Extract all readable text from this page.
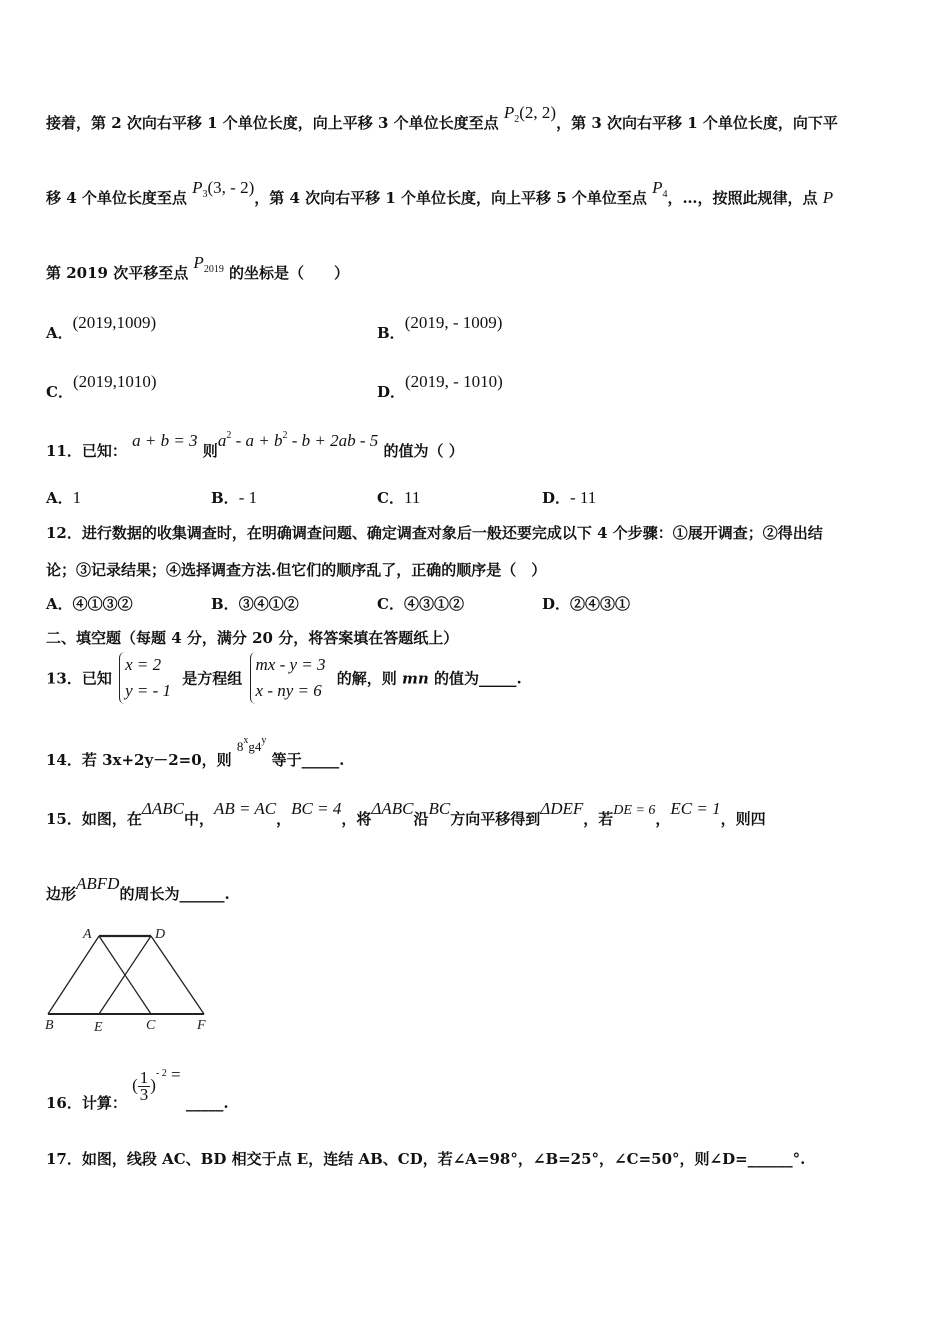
接着，第 2 次向右平移 1 个单位长度，向上平移 3 个单位长度至点 $P_2(2$, 2)，第 3 次向右平移 1 个单位长度，向下平
移 4 个单位长度至点 $P_3(3$, - 2)，第 4 次向右平移 1 个单位长度，向上平移 5 个单位至点 $P_4$，…，按照此规律，点 P
第 2019 次平移至点 $P_{2019}$ 的坐标是（　　）
A．(2019,1009)
B．(2019, - 1009)
C．(2019,1010)
D．(2019, - 1010)
11．已知： a + b = 3 则$a^2 - a + b^2 - b + 2ab - 5$ 的值为（ ）
A．1	B．- 1	C．11	D．- 11
12．进行数据的收集调查时，在明确调查问题、确定调查对象后一般还要完成以下 4 个步骤：①展开调查；②得出结
论；③记录结果；④选择调查方法.但它们的顺序乱了，正确的顺序是（　）
A．④①③②	B．③④①②	C．④③①②	D．②④③①
二、填空题（每题 4 分，满分 20 分，将答案填在答题纸上）
13．已知 x = 2
y = - 1 是方程组 mx - y = 3
x - ny = 6 的解，则 mn 的值为_____.
14．若 3x+2y－2=0，则 8$^x$g4$^y$ 等于_____.
15．如图，在ΔABC中，AB = AC，BC = 4，将ΔABC沿BC方向平移得到ΔDEF，若DE = 6，EC = 1，则四
边形ABFD的周长为______.
A	D
B	E	C	F
16．计算： ( $\frac{1}{3} )^{- 2}$ = _____.
17．如图，线段 AC、BD 相交于点 E，连结 AB、CD，若∠A=98°，∠B=25°，∠C=50°，则∠D=______°.
